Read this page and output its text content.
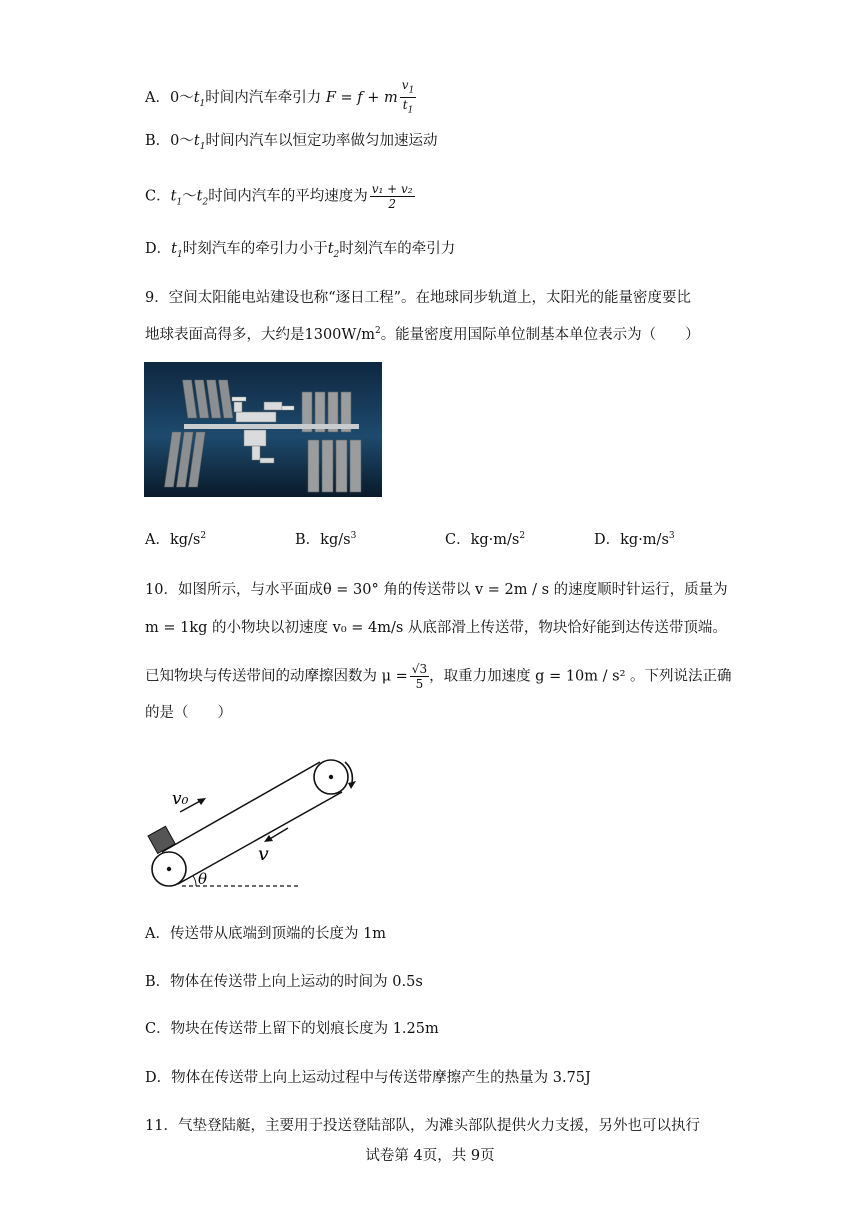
A．$0\sim t_1$时间内汽车牵引力 F = f + m $\frac{v_1}{t_1}$
B．$0\sim t_1$时间内汽车以恒定功率做匀加速运动
C．$t_1\sim t_2$时间内汽车的平均速度为 $\frac{\text{v₁ + v₂}}{2}$
D．$t_1$时刻汽车的牵引力小于$t_2$时刻汽车的牵引力
9．空间太阳能电站建设也称“逐日工程”。在地球同步轨道上，太阳光的能量密度要比
地球表面高得多，大约是$1300W/m^2$。能量密度用国际单位制基本单位表示为（　　）
A．$kg/s^2$	B．$kg/s^3$	C．$kg\cdot m/s^2$	D．$kg\cdot m/s^3$
10．如图所示，与水平面成θ = 30° 角的传送带以 v = 2m / s 的速度顺时针运行，质量为
m = 1kg 的小物块以初速度 v₀ = 4m/s 从底部滑上传送带，物块恰好能到达传送带顶端。
已知物块与传送带间的动摩擦因数为 $\mu = \frac{√3}{5}$ ，取重力加速度 g = 10m / s² 。下列说法正确
的是（　　）
v₀
v
θ
A．传送带从底端到顶端的长度为 1m
B．物体在传送带上向上运动的时间为 0.5s
C．物块在传送带上留下的划痕长度为 1.25m
D．物体在传送带上向上运动过程中与传送带摩擦产生的热量为 3.75J
11．气垫登陆艇，主要用于投送登陆部队，为滩头部队提供火力支援，另外也可以执行
试卷第 4页，共 9页
